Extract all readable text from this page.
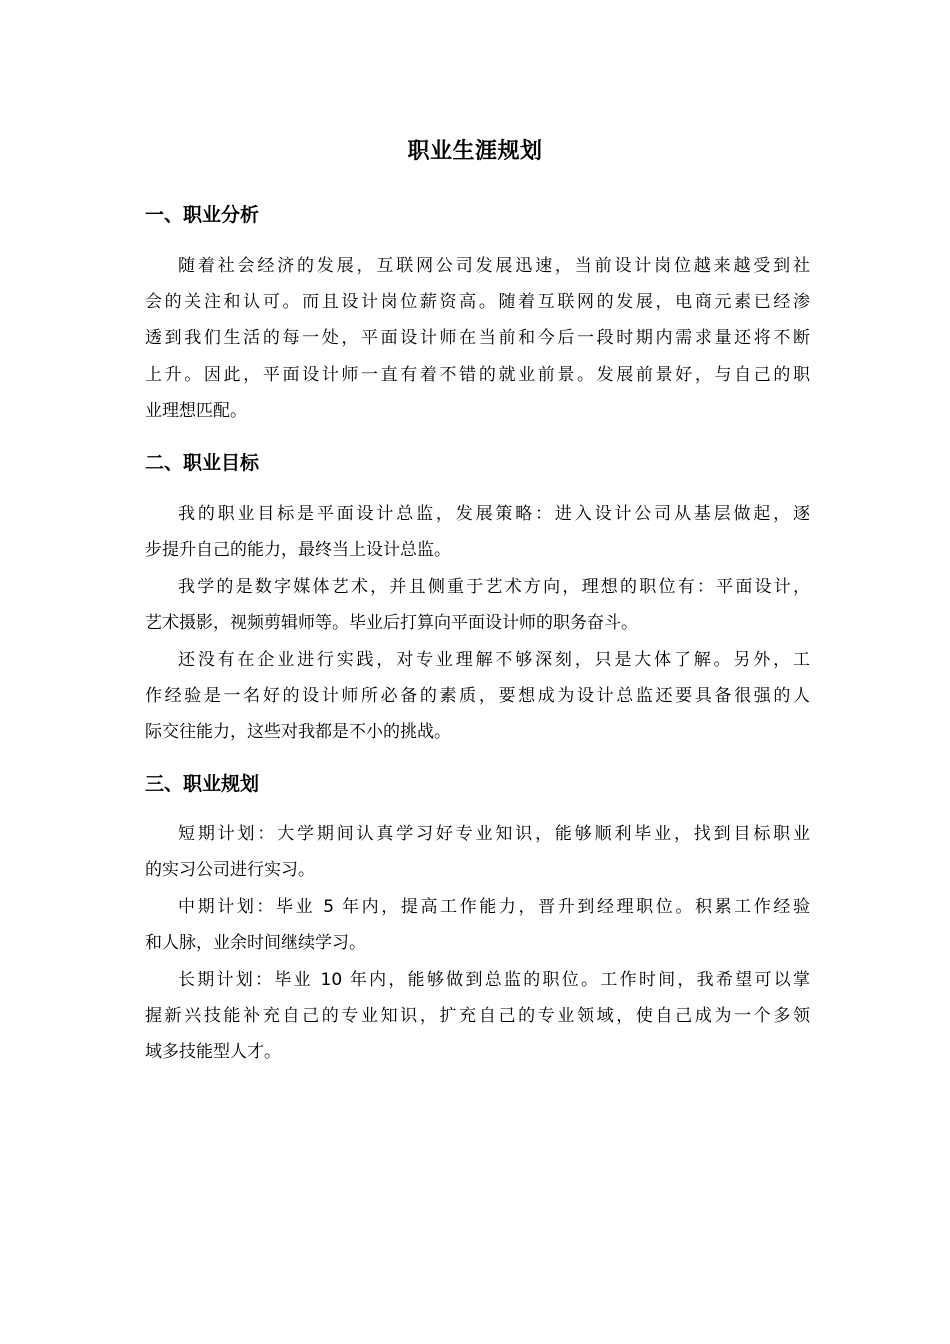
职业生涯规划
一、职业分析
随着社会经济的发展，互联网公司发展迅速，当前设计岗位越来越受到社
会的关注和认可。而且设计岗位薪资高。随着互联网的发展，电商元素已经渗
透到我们生活的每一处，平面设计师在当前和今后一段时期内需求量还将不断
上升。因此，平面设计师一直有着不错的就业前景。发展前景好，与自己的职
业理想匹配。
二、职业目标
我的职业目标是平面设计总监，发展策略：进入设计公司从基层做起，逐
步提升自己的能力，最终当上设计总监。
我学的是数字媒体艺术，并且侧重于艺术方向，理想的职位有：平面设计，
艺术摄影，视频剪辑师等。毕业后打算向平面设计师的职务奋斗。
还没有在企业进行实践，对专业理解不够深刻，只是大体了解。另外，工
作经验是一名好的设计师所必备的素质，要想成为设计总监还要具备很强的人
际交往能力，这些对我都是不小的挑战。
三、职业规划
短期计划：大学期间认真学习好专业知识，能够顺利毕业，找到目标职业
的实习公司进行实习。
中期计划：毕业 5 年内，提高工作能力，晋升到经理职位。积累工作经验
和人脉，业余时间继续学习。
长期计划：毕业 10 年内，能够做到总监的职位。工作时间，我希望可以掌
握新兴技能补充自己的专业知识，扩充自己的专业领域，使自己成为一个多领
域多技能型人才。
